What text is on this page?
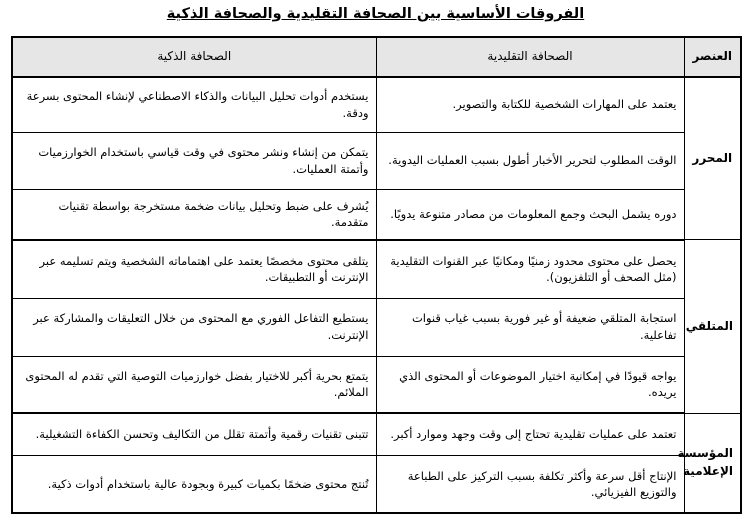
الفروقات الأساسية بين الصحافة التقليدية والصحافة الذكية
العنصر	الصحافة التقليدية	الصحافة الذكية
المحرر	يعتمد على المهارات الشخصية للكتابة والتصوير.	يستخدم أدوات تحليل البيانات والذكاء الاصطناعي لإنشاء المحتوى بسرعة ودقة.
	الوقت المطلوب لتحرير الأخبار أطول بسبب العمليات اليدوية.	يتمكن من إنشاء ونشر محتوى في وقت قياسي باستخدام الخوارزميات وأتمتة العمليات.
	دوره يشمل البحث وجمع المعلومات من مصادر متنوعة يدويًا.	يُشرف على ضبط وتحليل بيانات ضخمة مستخرجة بواسطة تقنيات متقدمة.
المتلقي	يحصل على محتوى محدود زمنيًا ومكانيًا عبر القنوات التقليدية (مثل الصحف أو التلفزيون).	يتلقى محتوى مخصصًا يعتمد على اهتماماته الشخصية ويتم تسليمه عبر الإنترنت أو التطبيقات.
	استجابة المتلقي ضعيفة أو غير فورية بسبب غياب قنوات تفاعلية.	يستطيع التفاعل الفوري مع المحتوى من خلال التعليقات والمشاركة عبر الإنترنت.
	يواجه قيودًا في إمكانية اختيار الموضوعات أو المحتوى الذي يريده.	يتمتع بحرية أكبر للاختيار بفضل خوارزميات التوصية التي تقدم له المحتوى الملائم.
المؤسسة الإعلامية	تعتمد على عمليات تقليدية تحتاج إلى وقت وجهد وموارد أكبر.	تتبنى تقنيات رقمية وأتمتة تقلل من التكاليف وتحسن الكفاءة التشغيلية.
	الإنتاج أقل سرعة وأكثر تكلفة بسبب التركيز على الطباعة والتوزيع الفيزيائي.	تُنتج محتوى ضخمًا بكميات كبيرة وبجودة عالية باستخدام أدوات ذكية.
